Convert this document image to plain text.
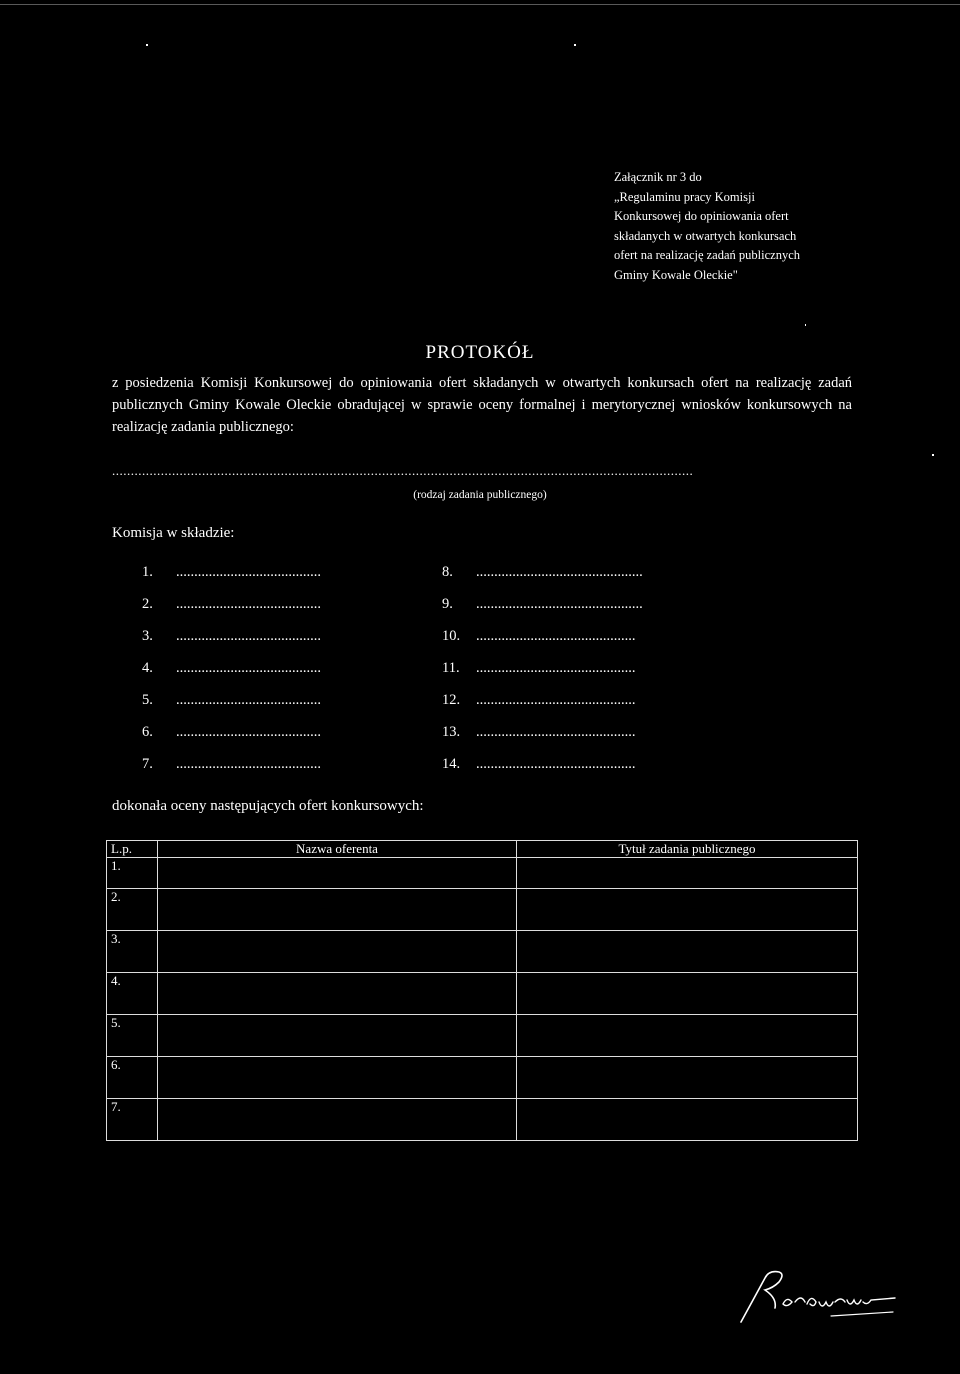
Załącznik nr 3 do
„Regulaminu pracy Komisji
Konkursowej do opiniowania ofert
składanych w otwartych konkursach
ofert na realizację zadań publicznych
Gminy Kowale Oleckie"
PROTOKÓŁ
z posiedzenia Komisji Konkursowej do opiniowania ofert składanych w otwartych konkursach ofert na realizację zadań publicznych Gminy Kowale Oleckie obradującej w sprawie oceny formalnej i merytorycznej wniosków konkursowych na realizację zadania publicznego:
...........................................................................................................................................................
(rodzaj zadania publicznego)
Komisja w składzie:
1. ........................................
2. ........................................
3. ........................................
4. ........................................
5. ........................................
6. ........................................
7. ........................................
8. ..............................................
9. ..............................................
10. ............................................
11. ............................................
12. ............................................
13. ............................................
14. ............................................
dokonała oceny następujących ofert konkursowych:
L.p.	Nazwa oferenta	Tytuł zadania publicznego
1.		
2.		
3.		
4.		
5.		
6.		
7.		
